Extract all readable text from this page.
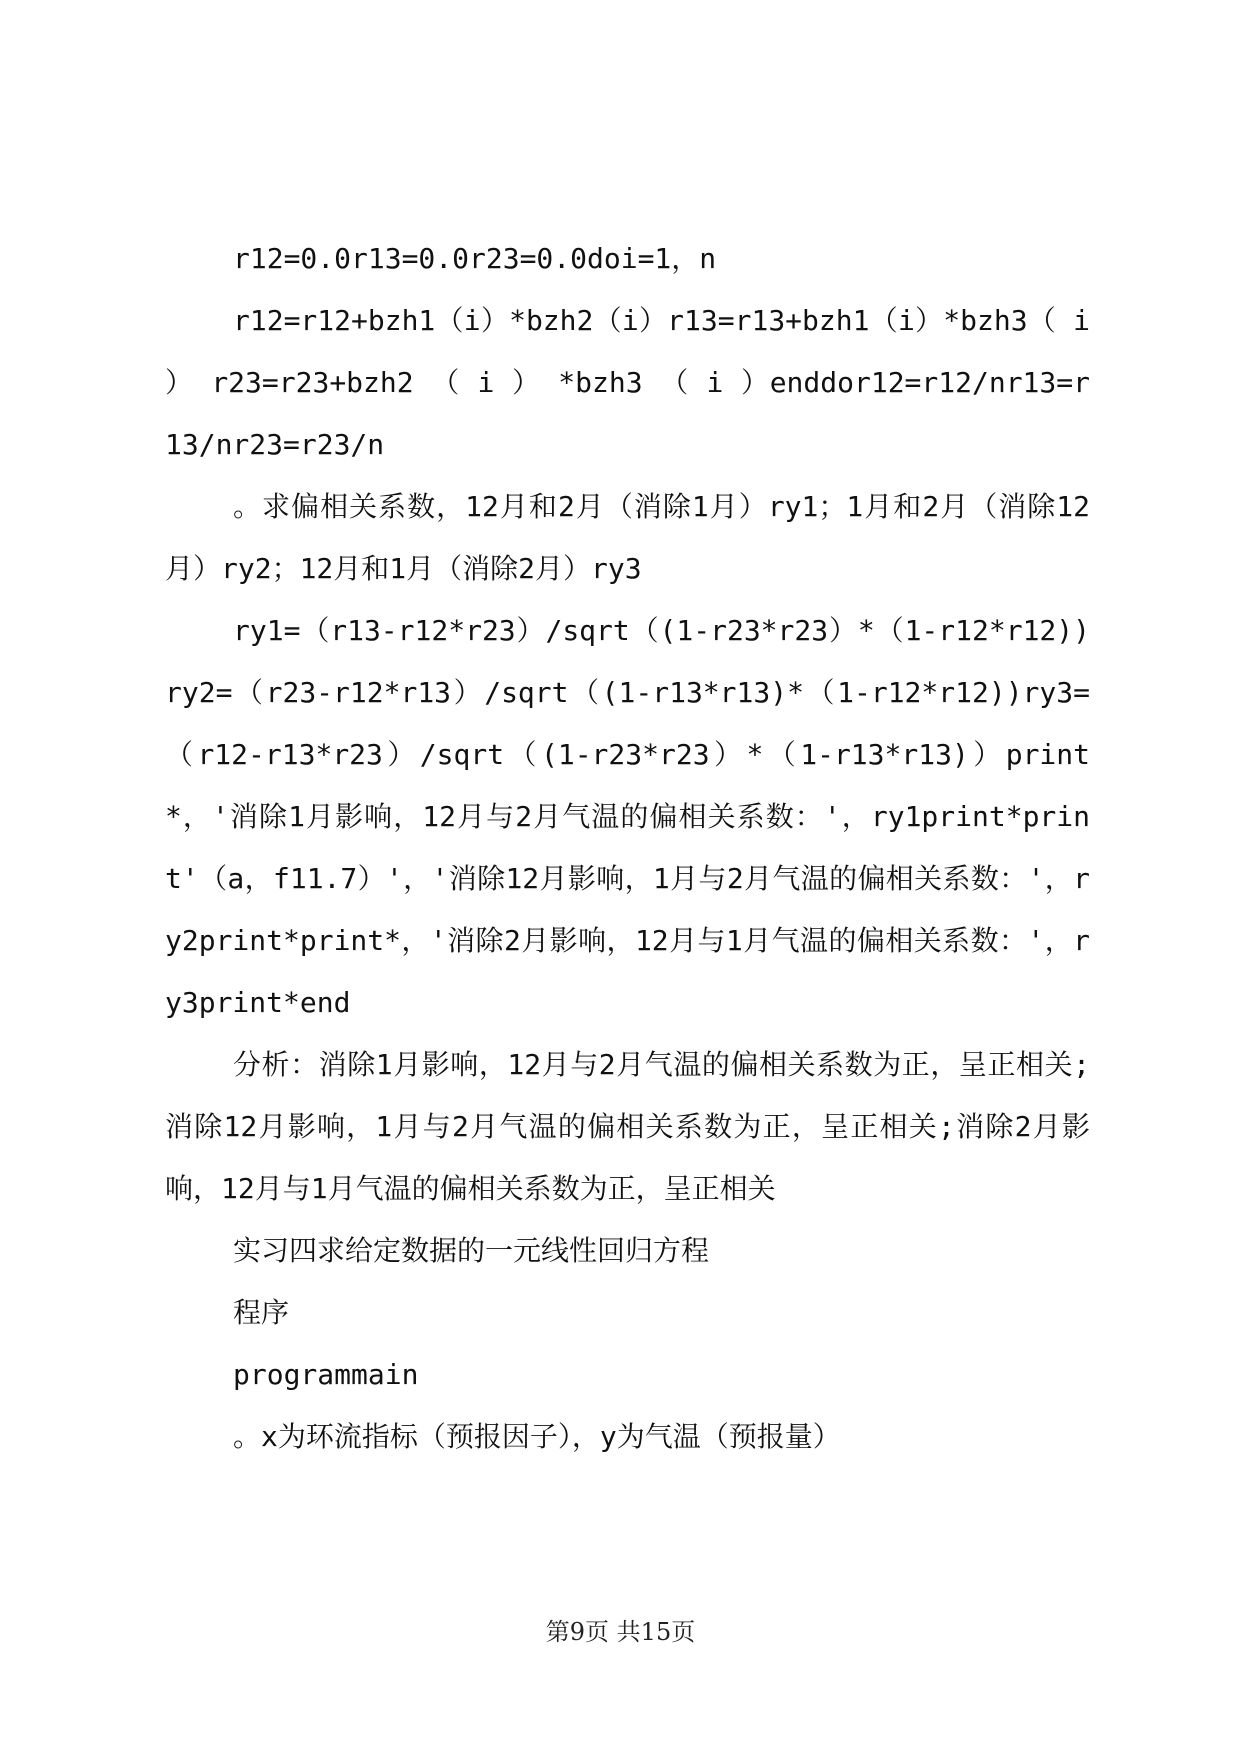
r12=0.0r13=0.0r23=0.0doi=1，n

r12=r12+bzh1（i）*bzh2（i）r13=r13+bzh1（i）*bzh3（ i ） r23=r23+bzh2 （ i ） *bzh3 （ i ）enddor12=r12/nr13=r13/nr23=r23/n

。求偏相关系数，12月和2月（消除1月）ry1；1月和2月（消除12月）ry2；12月和1月（消除2月）ry3

ry1=（r13-r12*r23）/sqrt（(1-r23*r23）*（1-r12*r12))ry2=（r23-r12*r13）/sqrt（(1-r13*r13)*（1-r12*r12))ry3=（r12-r13*r23）/sqrt（(1-r23*r23）*（1-r13*r13)）print*，'消除1月影响，12月与2月气温的偏相关系数：'，ry1print*print'（a，f11.7）'，'消除12月影响，1月与2月气温的偏相关系数：'，ry2print*print*，'消除2月影响，12月与1月气温的偏相关系数：'，ry3print*end

分析：消除1月影响，12月与2月气温的偏相关系数为正，呈正相关;消除12月影响，1月与2月气温的偏相关系数为正，呈正相关;消除2月影响，12月与1月气温的偏相关系数为正，呈正相关

实习四求给定数据的一元线性回归方程

程序

programmain

。x为环流指标（预报因子），y为气温（预报量）

第9页 共15页
